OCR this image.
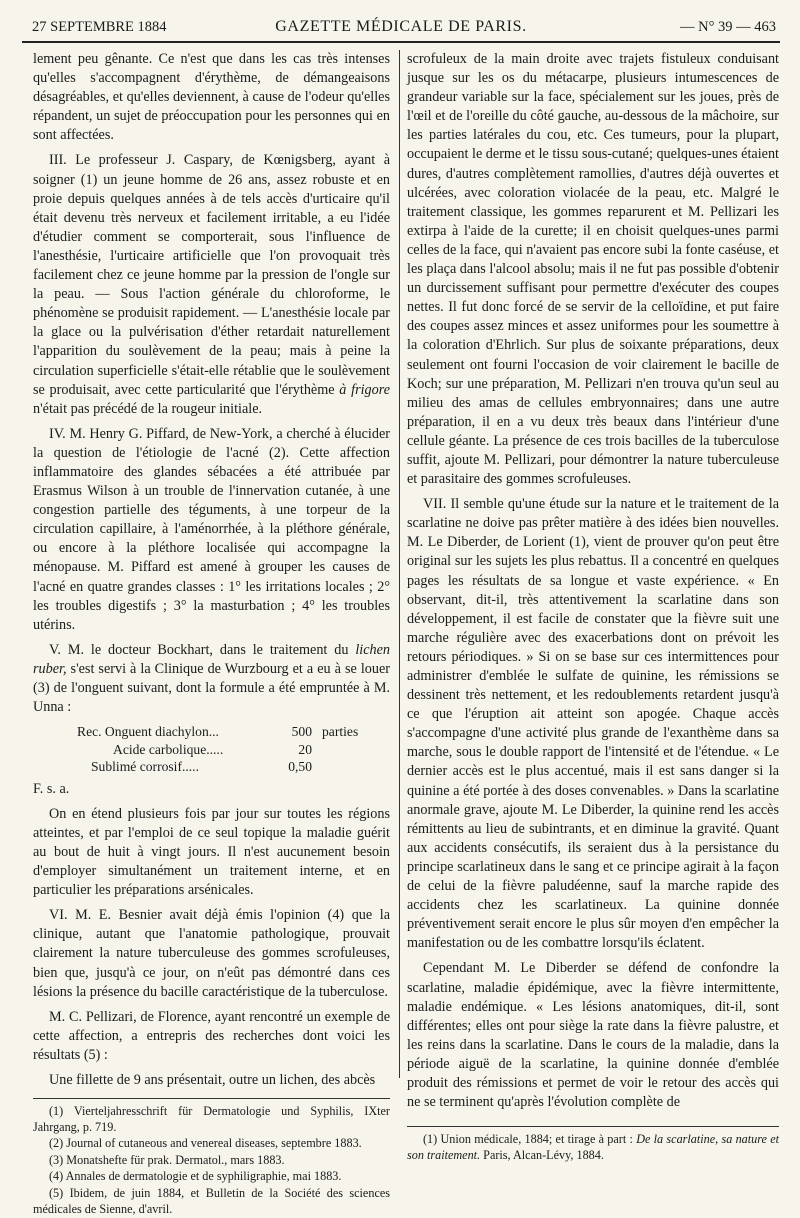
27 SEPTEMBRE 1884	GAZETTE MÉDICALE DE PARIS.	— N° 39 — 463

lement peu gênante. Ce n'est que dans les cas très intenses qu'elles s'accompagnent d'érythème, de démangeaisons désagréables, et qu'elles deviennent, à cause de l'odeur qu'elles répandent, un sujet de préoccupation pour les personnes qui en sont affectées.

III. Le professeur J. Caspary, de Kœnigsberg, ayant à soigner (1) un jeune homme de 26 ans, assez robuste et en proie depuis quelques années à de tels accès d'urticaire qu'il était devenu très nerveux et facilement irritable, a eu l'idée d'étudier comment se comporterait, sous l'influence de l'anesthésie, l'urticaire artificielle que l'on provoquait très facilement chez ce jeune homme par la pression de l'ongle sur la peau. — Sous l'action générale du chloroforme, le phénomène se produisit rapidement. — L'anesthésie locale par la glace ou la pulvérisation d'éther retardait naturellement l'apparition du soulèvement de la peau; mais à peine la circulation superficielle s'était-elle rétablie que le soulèvement se produisait, avec cette particularité que l'érythème à frigore n'était pas précédé de la rougeur initiale.

IV. M. Henry G. Piffard, de New-York, a cherché à élucider la question de l'étiologie de l'acné (2). Cette affection inflammatoire des glandes sébacées a été attribuée par Erasmus Wilson à un trouble de l'innervation cutanée, à une congestion partielle des téguments, à une torpeur de la circulation capillaire, à l'aménorrhée, à la pléthore générale, ou encore à la pléthore localisée qui accompagne la ménopause. M. Piffard est amené à grouper les causes de l'acné en quatre grandes classes : 1° les irritations locales ; 2° les troubles digestifs ; 3° la masturbation ; 4° les troubles utérins.

V. M. le docteur Bockhart, dans le traitement du lichen ruber, s'est servi à la Clinique de Wurzbourg et a eu à se louer (3) de l'onguent suivant, dont la formule a été empruntée à M. Unna :

Rec. Onguent diachylon...	500 parties
Acide carbolique.....	20
Sublimé corrosif.....	0,50

F. s. a.

On en étend plusieurs fois par jour sur toutes les régions atteintes, et par l'emploi de ce seul topique la maladie guérit au bout de huit à vingt jours. Il n'est aucunement besoin d'employer simultanément un traitement interne, et en particulier les préparations arsénicales.

VI. M. E. Besnier avait déjà émis l'opinion (4) que la clinique, autant que l'anatomie pathologique, prouvait clairement la nature tuberculeuse des gommes scrofuleuses, bien que, jusqu'à ce jour, on n'eût pas démontré dans ces lésions la présence du bacille caractéristique de la tuberculose.

M. C. Pellizari, de Florence, ayant rencontré un exemple de cette affection, a entrepris des recherches dont voici les résultats (5) :

Une fillette de 9 ans présentait, outre un lichen, des abcès

(1) Vierteljahresschrift für Dermatologie und Syphilis, IXter Jahrgang, p. 719.

(2) Journal of cutaneous and venereal diseases, septembre 1883.

(3) Monatshefte für prak. Dermatol., mars 1883.

(4) Annales de dermatologie et de syphiligraphie, mai 1883.

(5) Ibidem, de juin 1884, et Bulletin de la Société des sciences médicales de Sienne, d'avril.

scrofuleux de la main droite avec trajets fistuleux conduisant jusque sur les os du métacarpe, plusieurs intumescences de grandeur variable sur la face, spécialement sur les joues, près de l'œil et de l'oreille du côté gauche, au-dessous de la mâchoire, sur les parties latérales du cou, etc. Ces tumeurs, pour la plupart, occupaient le derme et le tissu sous-cutané; quelques-unes étaient dures, d'autres complètement ramollies, d'autres déjà ouvertes et ulcérées, avec coloration violacée de la peau, etc. Malgré le traitement classique, les gommes reparurent et M. Pellizari les extirpa à l'aide de la curette; il en choisit quelques-unes parmi celles de la face, qui n'avaient pas encore subi la fonte caséuse, et les plaça dans l'alcool absolu; mais il ne fut pas possible d'obtenir un durcissement suffisant pour permettre d'exécuter des coupes nettes. Il fut donc forcé de se servir de la celloïdine, et put faire des coupes assez minces et assez uniformes pour les soumettre à la coloration d'Ehrlich. Sur plus de soixante préparations, deux seulement ont fourni l'occasion de voir clairement le bacille de Koch; sur une préparation, M. Pellizari n'en trouva qu'un seul au milieu des amas de cellules embryonnaires; dans une autre préparation, il en a vu deux très beaux dans l'intérieur d'une cellule géante. La présence de ces trois bacilles de la tuberculose suffit, ajoute M. Pellizari, pour démontrer la nature tuberculeuse et parasitaire des gommes scrofuleuses.

VII. Il semble qu'une étude sur la nature et le traitement de la scarlatine ne doive pas prêter matière à des idées bien nouvelles. M. Le Diberder, de Lorient (1), vient de prouver qu'on peut être original sur les sujets les plus rebattus. Il a concentré en quelques pages les résultats de sa longue et vaste expérience. « En observant, dit-il, très attentivement la scarlatine dans son développement, il est facile de constater que la fièvre suit une marche régulière avec des exacerbations dont on prévoit les retours périodiques. » Si on se base sur ces intermittences pour administrer d'emblée le sulfate de quinine, les rémissions se dessinent très nettement, et les redoublements retardent jusqu'à ce que l'éruption ait atteint son apogée. Chaque accès s'accompagne d'une activité plus grande de l'exanthème dans sa marche, sous le double rapport de l'intensité et de l'étendue. « Le dernier accès est le plus accentué, mais il est sans danger si la quinine a été portée à des doses convenables. » Dans la scarlatine anormale grave, ajoute M. Le Diberder, la quinine rend les accès rémittents au lieu de subintrants, et en diminue la gravité. Quant aux accidents consécutifs, ils seraient dus à la persistance du principe scarlatineux dans le sang et ce principe agirait à la façon de celui de la fièvre paludéenne, sauf la marche rapide des accidents chez les scarlatineux. La quinine donnée préventivement serait encore le plus sûr moyen d'en empêcher la manifestation ou de les combattre lorsqu'ils éclatent.

Cependant M. Le Diberder se défend de confondre la scarlatine, maladie épidémique, avec la fièvre intermittente, maladie endémique. « Les lésions anatomiques, dit-il, sont différentes; elles ont pour siège la rate dans la fièvre palustre, et les reins dans la scarlatine. Dans le cours de la maladie, dans la période aiguë de la scarlatine, la quinine donnée d'emblée produit des rémissions et permet de voir le retour des accès qui ne se terminent qu'après l'évolution complète de

(1) Union médicale, 1884; et tirage à part : De la scarlatine, sa nature et son traitement. Paris, Alcan-Lévy, 1884.
